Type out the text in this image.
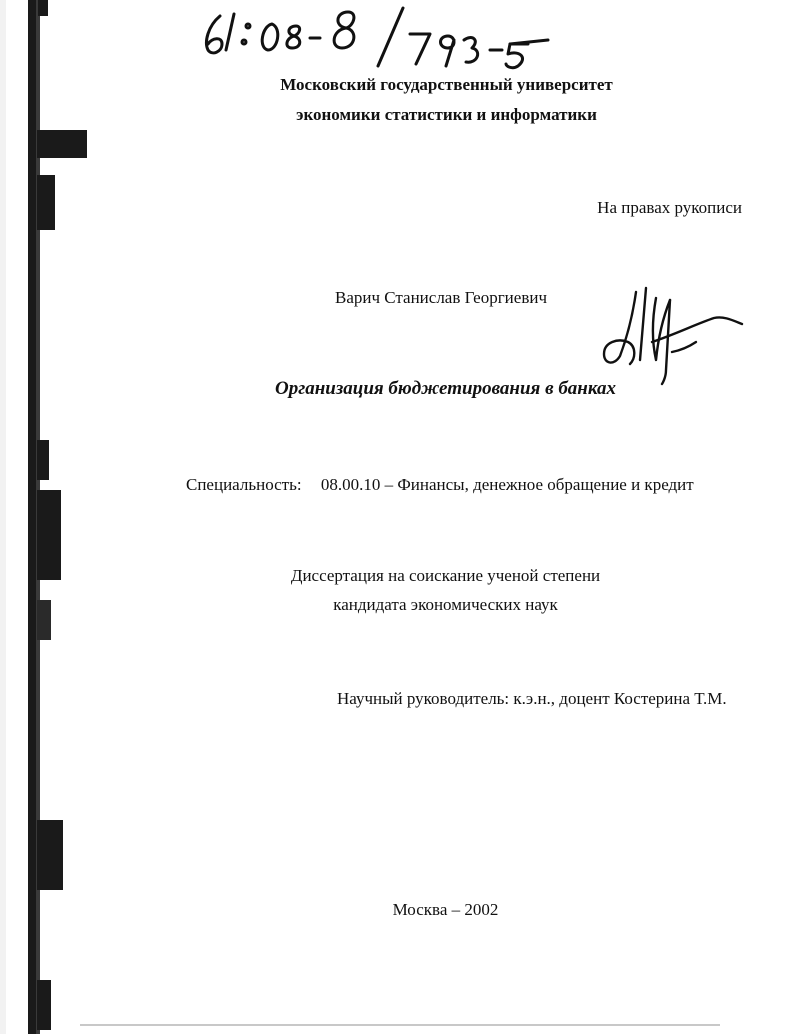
Московский государственный университет
экономики статистики и информатики
На правах рукописи
Варич Станислав Георгиевич
Организация бюджетирования в банках
Специальность: 08.00.10 – Финансы, денежное обращение и кредит
Диссертация на соискание ученой степени
кандидата экономических наук
Научный руководитель: к.э.н., доцент Костерина Т.М.
Москва – 2002
